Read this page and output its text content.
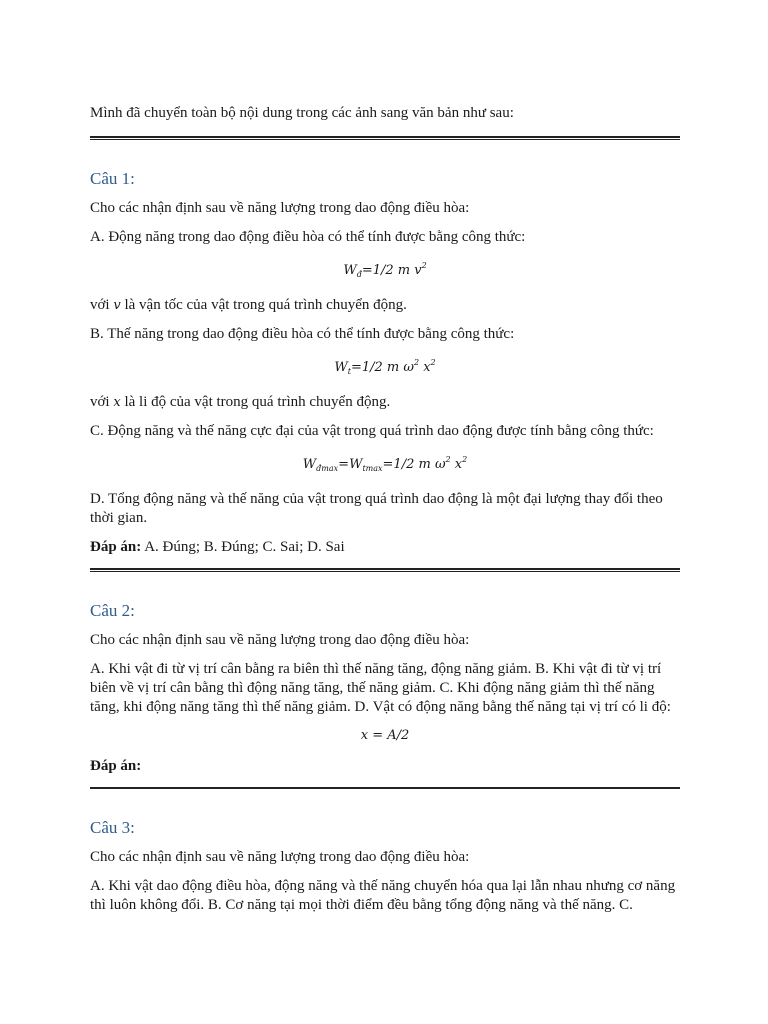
Mình đã chuyển toàn bộ nội dung trong các ảnh sang văn bản như sau:

Câu 1:

Cho các nhận định sau về năng lượng trong dao động điều hòa:

A. Động năng trong dao động điều hòa có thể tính được bằng công thức:

$W_đ=1/2$ m $v^2$

với v là vận tốc của vật trong quá trình chuyển động.

B. Thế năng trong dao động điều hòa có thể tính được bằng công thức:

$W_t=1/2$ m $\omega^2$ $x^2$

với x là li độ của vật trong quá trình chuyển động.

C. Động năng và thế năng cực đại của vật trong quá trình dao động được tính bằng công thức:

$W_{đmax}=W_{tmax}=1/2$ m $\omega^2$ $x^2$

D. Tổng động năng và thế năng của vật trong quá trình dao động là một đại lượng thay đổi theo thời gian.

Đáp án: A. Đúng; B. Đúng; C. Sai; D. Sai

Câu 2:

Cho các nhận định sau về năng lượng trong dao động điều hòa:

A. Khi vật đi từ vị trí cân bằng ra biên thì thế năng tăng, động năng giảm. B. Khi vật đi từ vị trí biên về vị trí cân bằng thì động năng tăng, thế năng giảm. C. Khi động năng giảm thì thế năng tăng, khi động năng tăng thì thế năng giảm. D. Vật có động năng bằng thế năng tại vị trí có li độ:

x = A/2

Đáp án:

Câu 3:

Cho các nhận định sau về năng lượng trong dao động điều hòa:

A. Khi vật dao động điều hòa, động năng và thế năng chuyển hóa qua lại lẫn nhau nhưng cơ năng thì luôn không đổi. B. Cơ năng tại mọi thời điểm đều bằng tổng động năng và thế năng. C.
